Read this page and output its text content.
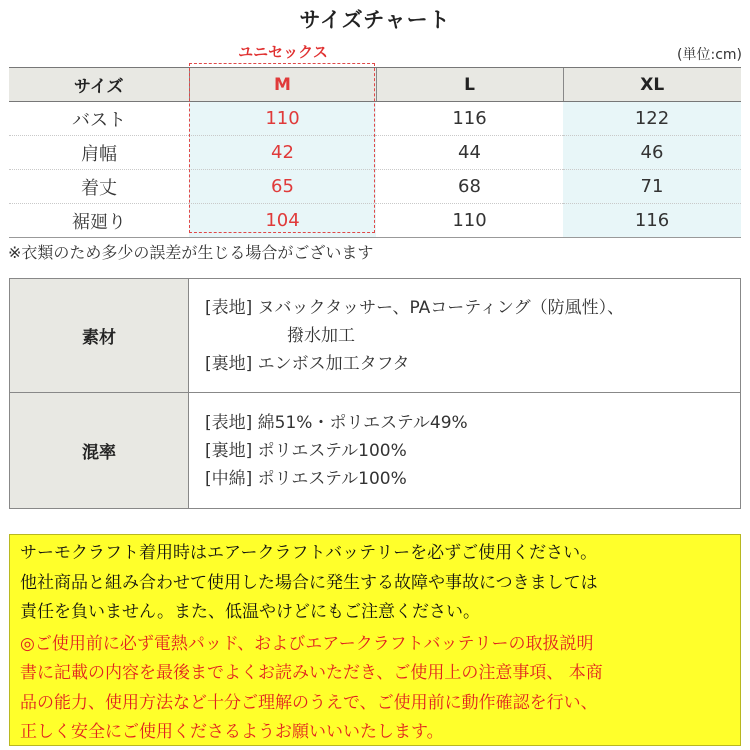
サイズチャート
ユニセックス	(単位:cm)
サイズ	M	L	XL
バスト	110	116	122
肩幅	42	44	46
着丈	65	68	71
裾廻り	104	110	116
※衣類のため多少の誤差が生じる場合がございます
素材	[表地] ヌバックタッサー、PAコーティング（防風性）、
撥水加工
[裏地] エンボス加工タフタ

混率	[表地] 綿51%・ポリエステル49%
[裏地] ポリエステル100%
[中綿] ポリエステル100%

サーモクラフト着用時はエアークラフトバッテリーを必ずご使用ください。

他社商品と組み合わせて使用した場合に発生する故障や事故につきましては

責任を負いません。また、低温やけどにもご注意ください。

◎ご使用前に必ず電熱パッド、およびエアークラフトバッテリーの取扱説明

書に記載の内容を最後までよくお読みいただき、ご使用上の注意事項、 本商

品の能力、使用方法など十分ご理解のうえで、ご使用前に動作確認を行い、

正しく安全にご使用くださるようお願いいいたします。
